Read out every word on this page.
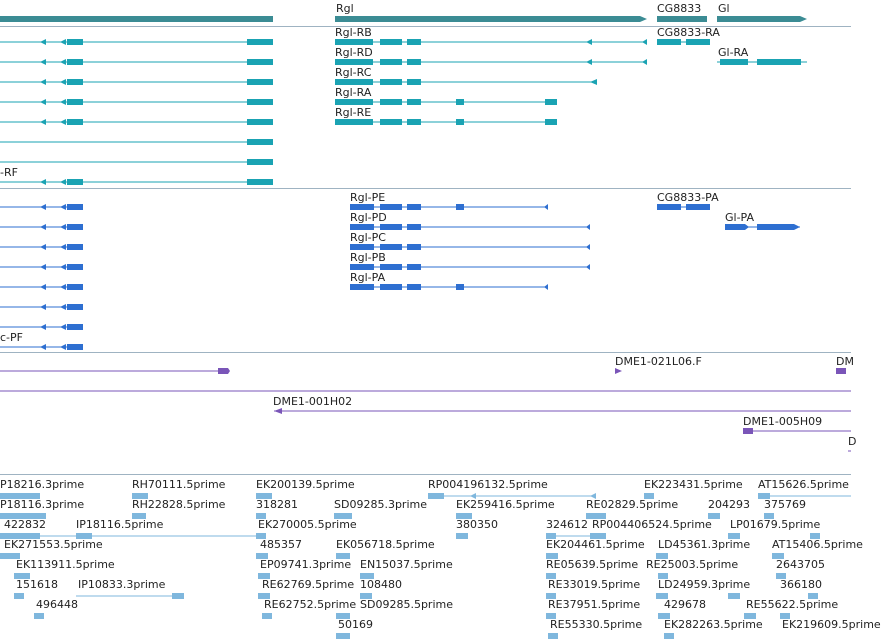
Rgl	CG8833 Gl
Rgl-RB
Rgl-RD
Rgl-RC
Rgl-RA
Rgl-RE
CG8833-RA
Gl-RA
-RF
Rgl-PE
Rgl-PD
Rgl-PC
Rgl-PB
Rgl-PA
CG8833-PA
Gl-PA
c-PF
DME1-021L06.F	DM
DME1-001H02
DME1-005H09
D
P18216.3prime	RH70111.5prime	EK200139.5prime	RP004196132.5prime	EK223431.5prime AT15626.5prime
P18116.3prime	RH22828.5prime	318281	SD09285.3prime	EK259416.5prime	RE02829.5prime	204293 375769
422832	IP18116.5prime	EK270005.5prime	380350	324612 RP004406524.5prime LP01679.5prime
EK271553.5prime	485357	EK056718.5prime	EK204461.5prime LD45361.3prime AT15406.5prime
EK113911.5prime	EP09741.3prime EN15037.5prime	RE05639.5prime RE25003.5prime	2643705
151618 IP10833.3prime	RE62769.5prime 108480	RE33019.5prime LD24959.3prime	366180
496448	RE62752.5prime SD09285.5prime	RE37951.5prime 429678	RE55622.5prime
50169	RE55330.5prime EK282263.5prime EK219609.5prime
